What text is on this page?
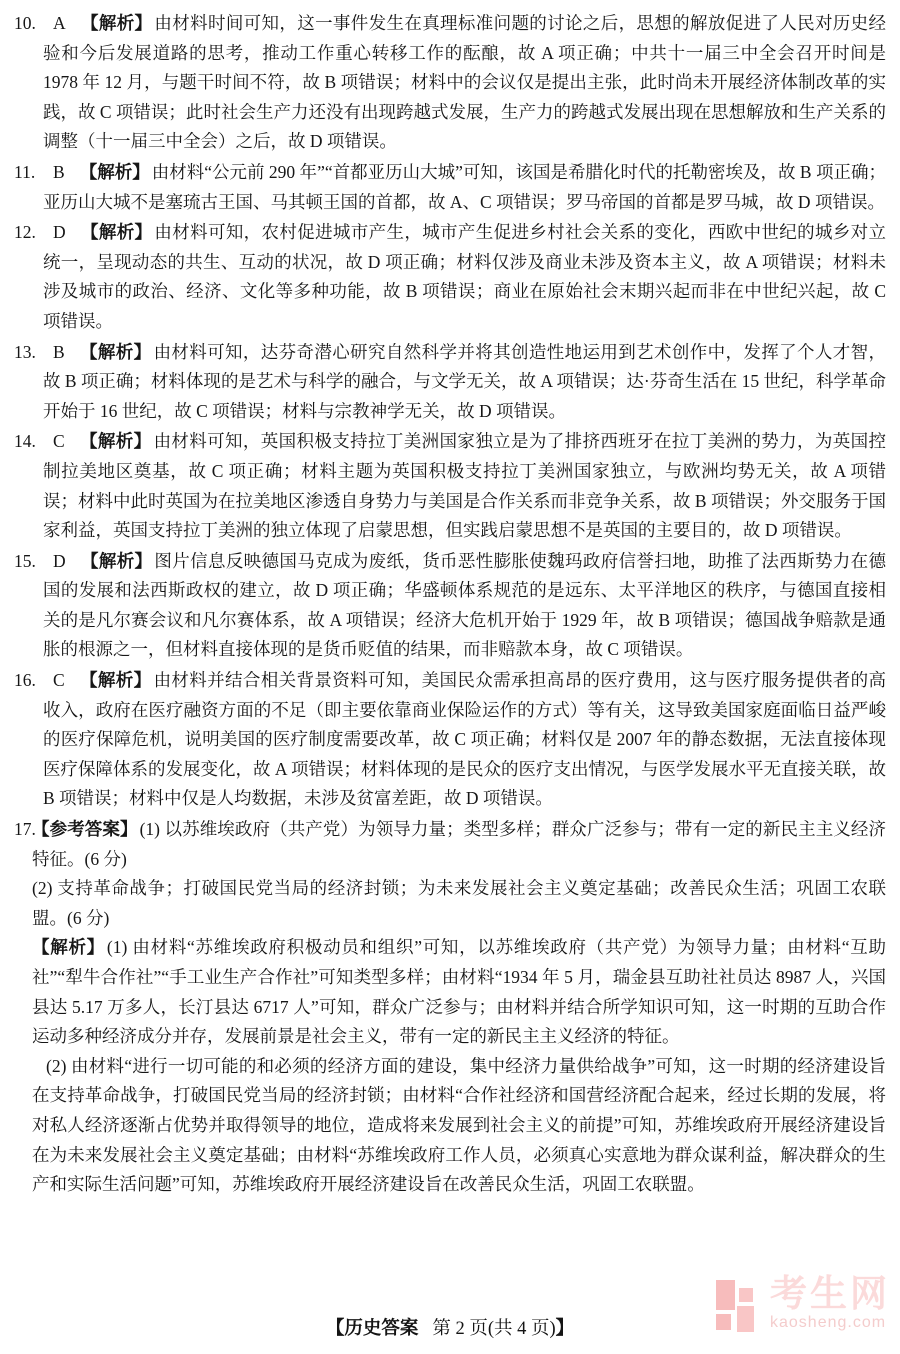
10. A 【解析】 由材料时间可知，这一事件发生在真理标准问题的讨论之后，思想的解放促进了人民对历史经验和今后发展道路的思考，推动工作重心转移工作的酝酿，故 A 项正确；中共十一届三中全会召开时间是 1978 年 12 月，与题干时间不符，故 B 项错误；材料中的会议仅是提出主张，此时尚未开展经济体制改革的实践，故 C 项错误；此时社会生产力还没有出现跨越式发展，生产力的跨越式发展出现在思想解放和生产关系的调整（十一届三中全会）之后，故 D 项错误。
11.	B 【解析】 由材料“公元前 290 年”“首都亚历山大城”可知，该国是希腊化时代的托勒密埃及，故 B 项正确；亚历山大城不是塞琉古王国、马其顿王国的首都，故 A、C 项错误；罗马帝国的首都是罗马城，故 D 项错误。
12. D 【解析】 由材料可知，农村促进城市产生，城市产生促进乡村社会关系的变化，西欧中世纪的城乡对立统一，呈现动态的共生、互动的状况，故 D 项正确；材料仅涉及商业未涉及资本主义，故 A 项错误；材料未涉及城市的政治、经济、文化等多种功能，故 B 项错误；商业在原始社会末期兴起而非在中世纪兴起，故 C 项错误。
13. B 【解析】 由材料可知，达芬奇潜心研究自然科学并将其创造性地运用到艺术创作中，发挥了个人才智，故 B 项正确；材料体现的是艺术与科学的融合，与文学无关，故 A 项错误；达·芬奇生活在 15 世纪，科学革命开始于 16 世纪，故 C 项错误；材料与宗教神学无关，故 D 项错误。
14. C 【解析】 由材料可知，英国积极支持拉丁美洲国家独立是为了排挤西班牙在拉丁美洲的势力，为英国控制拉美地区奠基，故 C 项正确；材料主题为英国积极支持拉丁美洲国家独立，与欧洲均势无关，故 A 项错误；材料中此时英国为在拉美地区渗透自身势力与美国是合作关系而非竞争关系，故 B 项错误；外交服务于国家利益，英国支持拉丁美洲的独立体现了启蒙思想，但实践启蒙思想不是英国的主要目的，故 D 项错误。
15. D 【解析】 图片信息反映德国马克成为废纸，货币恶性膨胀使魏玛政府信誉扫地，助推了法西斯势力在德国的发展和法西斯政权的建立，故 D 项正确；华盛顿体系规范的是远东、太平洋地区的秩序，与德国直接相关的是凡尔赛会议和凡尔赛体系，故 A 项错误；经济大危机开始于 1929 年，故 B 项错误；德国战争赔款是通胀的根源之一，但材料直接体现的是货币贬值的结果，而非赔款本身，故 C 项错误。
16. C 【解析】 由材料并结合相关背景资料可知，美国民众需承担高昂的医疗费用，这与医疗服务提供者的高收入，政府在医疗融资方面的不足（即主要依靠商业保险运作的方式）等有关，这导致美国家庭面临日益严峻的医疗保障危机，说明美国的医疗制度需要改革，故 C 项正确；材料仅是 2007 年的静态数据，无法直接体现医疗保障体系的发展变化，故 A 项错误；材料体现的是民众的医疗支出情况，与医学发展水平无直接关联，故 B 项错误；材料中仅是人均数据，未涉及贫富差距，故 D 项错误。
17.

【参考答案】 (1) 以苏维埃政府（共产党）为领导力量；类型多样；群众广泛参与；带有一定的新民主主义经济特征。(6 分)

(2) 支持革命战争；打破国民党当局的经济封锁；为未来发展社会主义奠定基础；改善民众生活；巩固工农联盟。(6 分)

【解析】 (1) 由材料“苏维埃政府积极动员和组织”可知，以苏维埃政府（共产党）为领导力量；由材料“互助社”“犁牛合作社”“手工业生产合作社”可知类型多样；由材料“1934 年 5 月，瑞金县互助社社员达 8987 人，兴国县达 5.17 万多人，长汀县达 6717 人”可知，群众广泛参与；由材料并结合所学知识可知，这一时期的互助合作运动多种经济成分并存，发展前景是社会主义，带有一定的新民主主义经济的特征。

(2) 由材料“进行一切可能的和必须的经济方面的建设，集中经济力量供给战争”可知，这一时期的经济建设旨在支持革命战争，打破国民党当局的经济封锁；由材料“合作社经济和国营经济配合起来，经过长期的发展，将对私人经济逐渐占优势并取得领导的地位，造成将来发展到社会主义的前提”可知，苏维埃政府开展经济建设旨在为未来发展社会主义奠定基础；由材料“苏维埃政府工作人员，必须真心实意地为群众谋利益，解决群众的生产和实际生活问题”可知，苏维埃政府开展经济建设旨在改善民众生活，巩固工农联盟。

【历史答案 第 2 页(共 4 页)】
考生网
kaosheng.com
